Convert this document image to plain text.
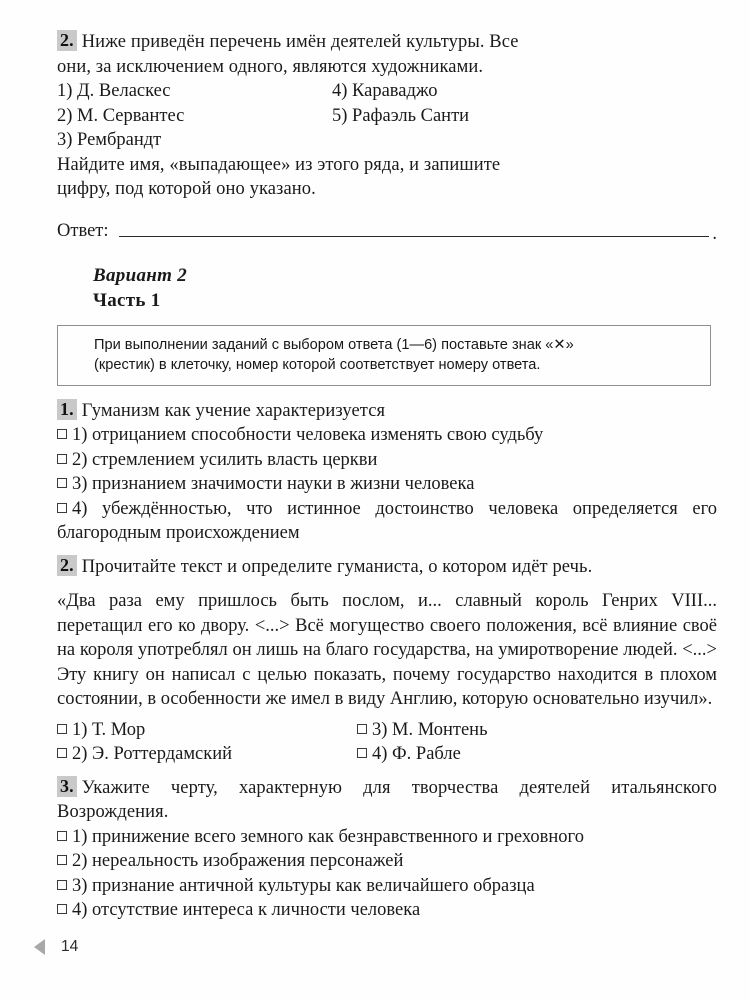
2. Ниже приведён перечень имён деятелей культуры. Все
они, за исключением одного, являются художниками.
1) Д. Веласкес
2) М. Сервантес
3) Рембрандт
4) Караваджо
5) Рафаэль Санти
Найдите имя, «выпадающее» из этого ряда, и запишите
цифру, под которой оно указано.
Ответ:	.
Вариант 2
Часть 1
При выполнении заданий с выбором ответа (1—6) поставьте знак «✕»
(крестик) в клеточку, номер которой соответствует номеру ответа.
1. Гуманизм как учение характеризуется
1) отрицанием способности человека изменять свою судьбу
2) стремлением усилить власть церкви
3) признанием значимости науки в жизни человека
4) убеждённостью, что истинное достоинство человека определяется его благородным происхождением
2. Прочитайте текст и определите гуманиста, о котором идёт речь.
«Два раза ему пришлось быть послом, и... славный король Генрих VIII... перетащил его ко двору. <...> Всё могущество своего положения, всё влияние своё на короля употреблял он лишь на благо государства, на умиротворение людей. <...> Эту книгу он написал с целью показать, почему государство находится в плохом состоянии, в особенности же имел в виду Англию, которую основательно изучил».
1) Т. Мор
2) Э. Роттердамский
3) М. Монтень
4) Ф. Рабле
3. Укажите черту, характерную для творчества деятелей итальянского Возрождения.
1) принижение всего земного как безнравственного и греховного
2) нереальность изображения персонажей
3) признание античной культуры как величайшего образца
4) отсутствие интереса к личности человека
14
